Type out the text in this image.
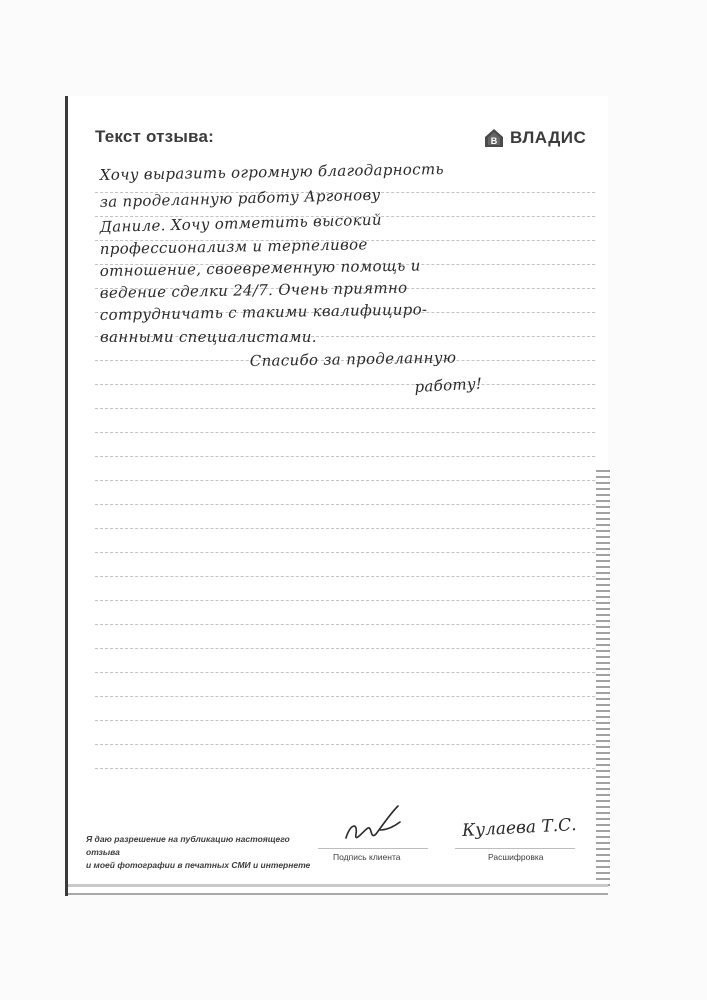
Текст отзыва:	B ВЛАДИС
Хочу выразить огромную благодарность
за проделанную работу Аргонову
Даниле. Хочу отметить высокий
профессионализм и терпеливое
отношение, своевременную помощь и
ведение сделки 24/7. Очень приятно
сотрудничать с такими квалифициро-
ванными специалистами.
Спасибо за проделанную
работу!
Я даю разрешение на публикацию настоящего отзыва
и моей фотографии в печатных СМИ и интернете
Подпись клиента
Кулаева Т.С.
Расшифровка
